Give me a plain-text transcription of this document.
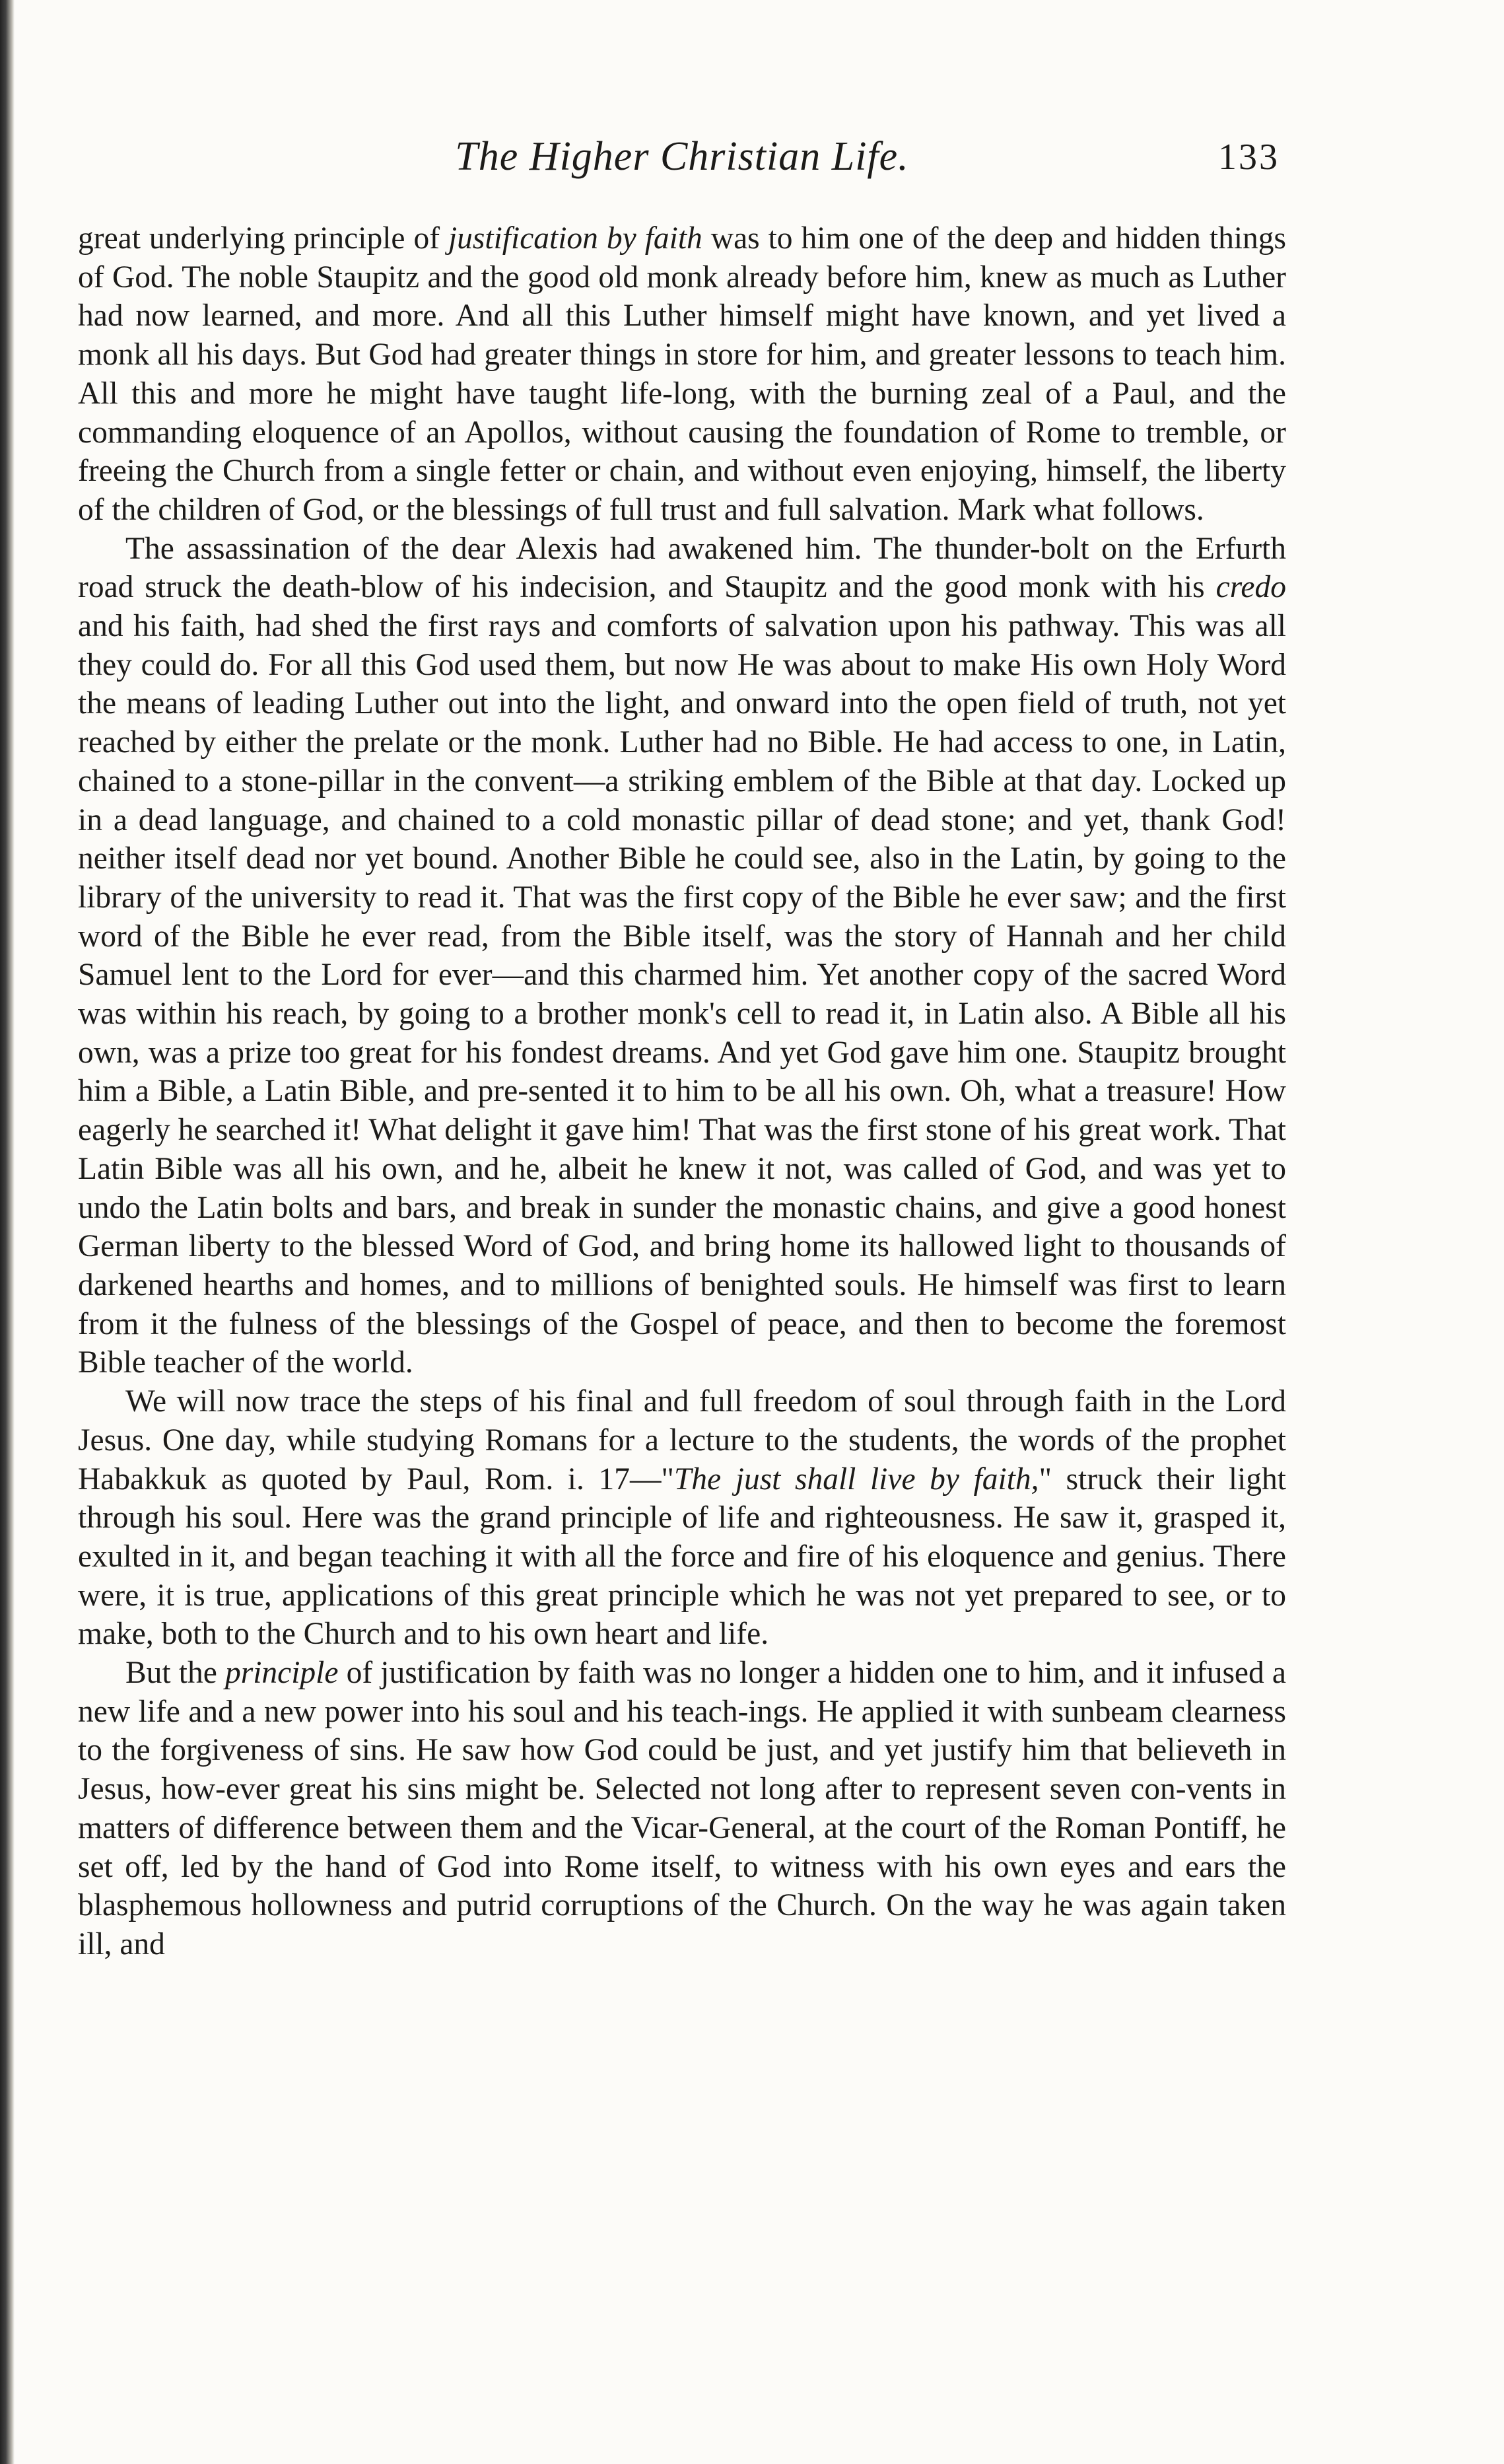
The Higher Christian Life.	133

great underlying principle of justification by faith was to him one of the deep and hidden things of God. The noble Staupitz and the good old monk already before him, knew as much as Luther had now learned, and more. And all this Luther himself might have known, and yet lived a monk all his days. But God had greater things in store for him, and greater lessons to teach him. All this and more he might have taught life-long, with the burning zeal of a Paul, and the commanding eloquence of an Apollos, without causing the foundation of Rome to tremble, or freeing the Church from a single fetter or chain, and without even enjoying, himself, the liberty of the children of God, or the blessings of full trust and full salvation. Mark what follows.

The assassination of the dear Alexis had awakened him. The thunder-bolt on the Erfurth road struck the death-blow of his indecision, and Staupitz and the good monk with his credo and his faith, had shed the first rays and comforts of salvation upon his pathway. This was all they could do. For all this God used them, but now He was about to make His own Holy Word the means of leading Luther out into the light, and onward into the open field of truth, not yet reached by either the prelate or the monk. Luther had no Bible. He had access to one, in Latin, chained to a stone-pillar in the convent—a striking emblem of the Bible at that day. Locked up in a dead language, and chained to a cold monastic pillar of dead stone; and yet, thank God! neither itself dead nor yet bound. Another Bible he could see, also in the Latin, by going to the library of the university to read it. That was the first copy of the Bible he ever saw; and the first word of the Bible he ever read, from the Bible itself, was the story of Hannah and her child Samuel lent to the Lord for ever—and this charmed him. Yet another copy of the sacred Word was within his reach, by going to a brother monk's cell to read it, in Latin also. A Bible all his own, was a prize too great for his fondest dreams. And yet God gave him one. Staupitz brought him a Bible, a Latin Bible, and pre-sented it to him to be all his own. Oh, what a treasure! How eagerly he searched it! What delight it gave him! That was the first stone of his great work. That Latin Bible was all his own, and he, albeit he knew it not, was called of God, and was yet to undo the Latin bolts and bars, and break in sunder the monastic chains, and give a good honest German liberty to the blessed Word of God, and bring home its hallowed light to thousands of darkened hearths and homes, and to millions of benighted souls. He himself was first to learn from it the fulness of the blessings of the Gospel of peace, and then to become the foremost Bible teacher of the world.

We will now trace the steps of his final and full freedom of soul through faith in the Lord Jesus. One day, while studying Romans for a lecture to the students, the words of the prophet Habakkuk as quoted by Paul, Rom. i. 17—"The just shall live by faith," struck their light through his soul. Here was the grand principle of life and righteousness. He saw it, grasped it, exulted in it, and began teaching it with all the force and fire of his eloquence and genius. There were, it is true, applications of this great principle which he was not yet prepared to see, or to make, both to the Church and to his own heart and life.

But the principle of justification by faith was no longer a hidden one to him, and it infused a new life and a new power into his soul and his teach-ings. He applied it with sunbeam clearness to the forgiveness of sins. He saw how God could be just, and yet justify him that believeth in Jesus, how-ever great his sins might be. Selected not long after to represent seven con-vents in matters of difference between them and the Vicar-General, at the court of the Roman Pontiff, he set off, led by the hand of God into Rome itself, to witness with his own eyes and ears the blasphemous hollowness and putrid corruptions of the Church. On the way he was again taken ill, and
